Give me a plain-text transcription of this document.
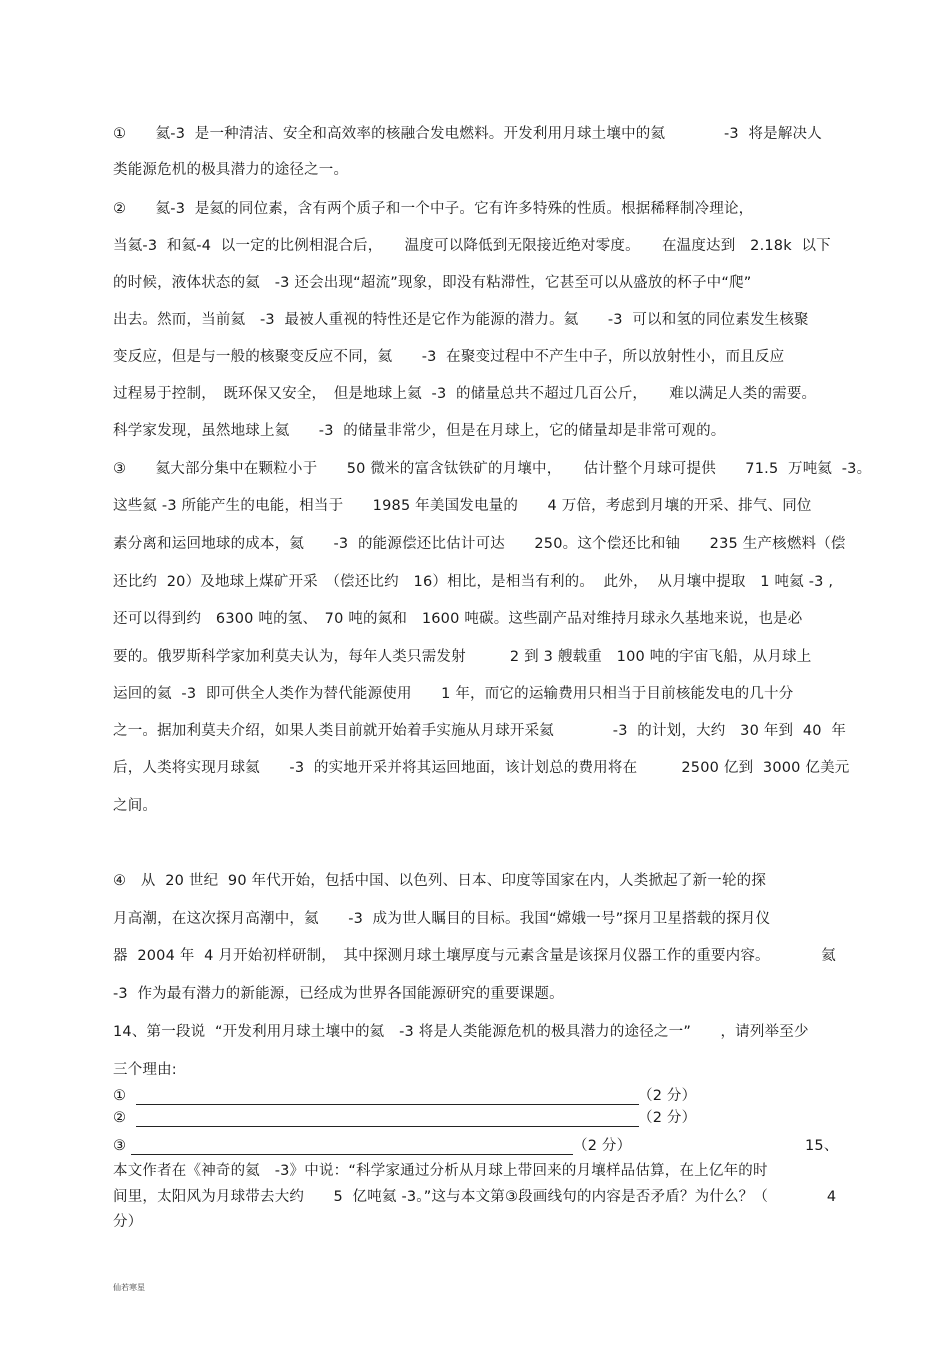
①　　氦-3  是一种清洁、安全和高效率的核融合发电燃料。开发利用月球土壤中的氦　　　　-3  将是解决人
类能源危机的极具潜力的途径之一。
②　　氦-3  是氦的同位素，含有两个质子和一个中子。它有许多特殊的性质。根据稀释制冷理论，
当氦-3  和氦-4  以一定的比例相混合后，　　温度可以降低到无限接近绝对零度。　　在温度达到　2.18k  以下
的时候，液体状态的氦　-3 还会出现“超流”现象，即没有粘滞性，它甚至可以从盛放的杯子中“爬”
出去。然而，当前氦　-3  最被人重视的特性还是它作为能源的潜力。氦　　-3  可以和氢的同位素发生核聚
变反应，但是与一般的核聚变反应不同，氦　　-3  在聚变过程中不产生中子，所以放射性小，而且反应
过程易于控制，　既环保又安全，　但是地球上氦  -3  的储量总共不超过几百公斤，　　难以满足人类的需要。
科学家发现，虽然地球上氦　　-3  的储量非常少，但是在月球上，它的储量却是非常可观的。
③　　氦大部分集中在颗粒小于　　50 微米的富含钛铁矿的月壤中，　　估计整个月球可提供　　71.5  万吨氦  -3。
这些氦 -3 所能产生的电能，相当于　　1985 年美国发电量的　　4 万倍，考虑到月壤的开采、排气、同位
素分离和运回地球的成本，氦　　-3  的能源偿还比估计可达　　250。这个偿还比和铀　　235 生产核燃料（偿
还比约  20）及地球上煤矿开采　（偿还比约　16）相比，是相当有利的。  此外，  从月壤中提取　1 吨氦 -3 ,
还可以得到约　6300 吨的氢、　70 吨的氮和　1600 吨碳。这些副产品对维持月球永久基地来说，也是必
要的。俄罗斯科学家加利莫夫认为，每年人类只需发射　　　2 到 3 艘载重　100 吨的宇宙飞船，从月球上
运回的氦  -3  即可供全人类作为替代能源使用　　1 年，而它的运输费用只相当于目前核能发电的几十分
之一。据加利莫夫介绍，如果人类目前就开始着手实施从月球开采氦　　　　-3  的计划，大约　30 年到  40  年
后，人类将实现月球氦　　-3  的实地开采并将其运回地面，该计划总的费用将在　　　2500 亿到  3000 亿美元
之间。
④　从  20 世纪  90 年代开始，包括中国、以色列、日本、印度等国家在内，人类掀起了新一轮的探
月高潮，在这次探月高潮中，氦　　-3  成为世人瞩目的目标。我国“嫦娥一号”探月卫星搭载的探月仪
器  2004 年  4 月开始初样研制，　其中探测月球土壤厚度与元素含量是该探月仪器工作的重要内容。　　　　氦
-3  作为最有潜力的新能源，已经成为世界各国能源研究的重要课题。
14、第一段说  “开发利用月球土壤中的氦　-3 将是人类能源危机的极具潜力的途径之一”　　，请列举至少
三个理由:
①	（2 分）
②	（2 分）
③	（2 分）	15、
本文作者在《神奇的氦　-3》中说：“科学家通过分析从月球上带回来的月壤样品估算，在上亿年的时
间里，太阳风为月球带去大约　　5  亿吨氦 -3。”这与本文第③段画线句的内容是否矛盾？为什么？（　　　　4
分）
仙若寒星
